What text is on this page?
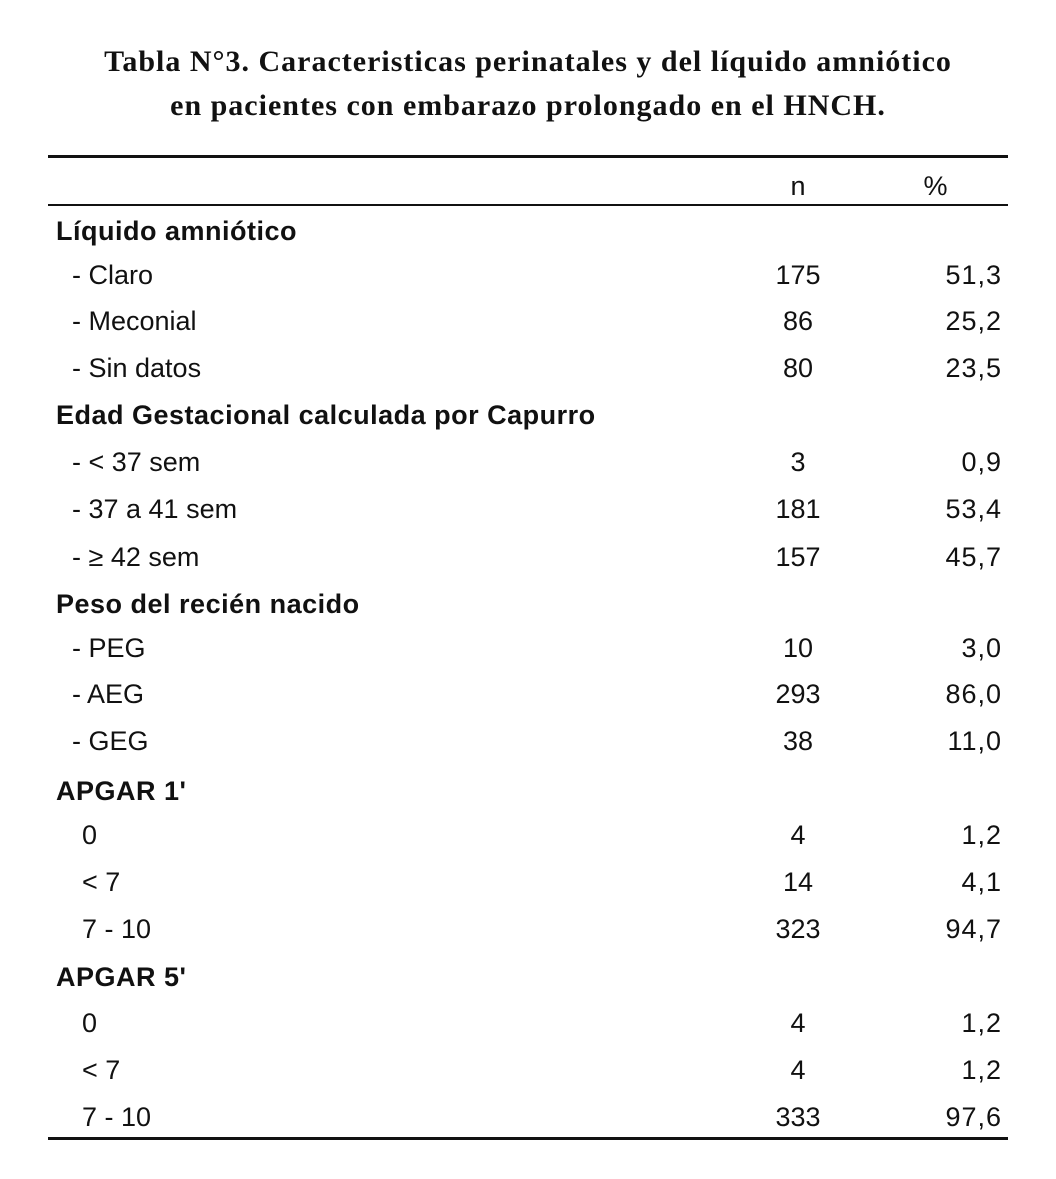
Tabla N°3. Caracteristicas perinatales y del líquido amniótico
en pacientes con embarazo prolongado en el HNCH.
n	%
Líquido amniótico
- Claro	175	51,3
- Meconial	86	25,2
- Sin datos	80	23,5
Edad Gestacional calculada por Capurro
- < 37 sem	3	0,9
- 37 a 41 sem	181	53,4
- ≥ 42 sem	157	45,7
Peso del recién nacido
- PEG	10	3,0
- AEG	293	86,0
- GEG	38	11,0
APGAR 1'
0	4	1,2
< 7	14	4,1
7 - 10	323	94,7
APGAR 5'
0	4	1,2
< 7	4	1,2
7 - 10	333	97,6
